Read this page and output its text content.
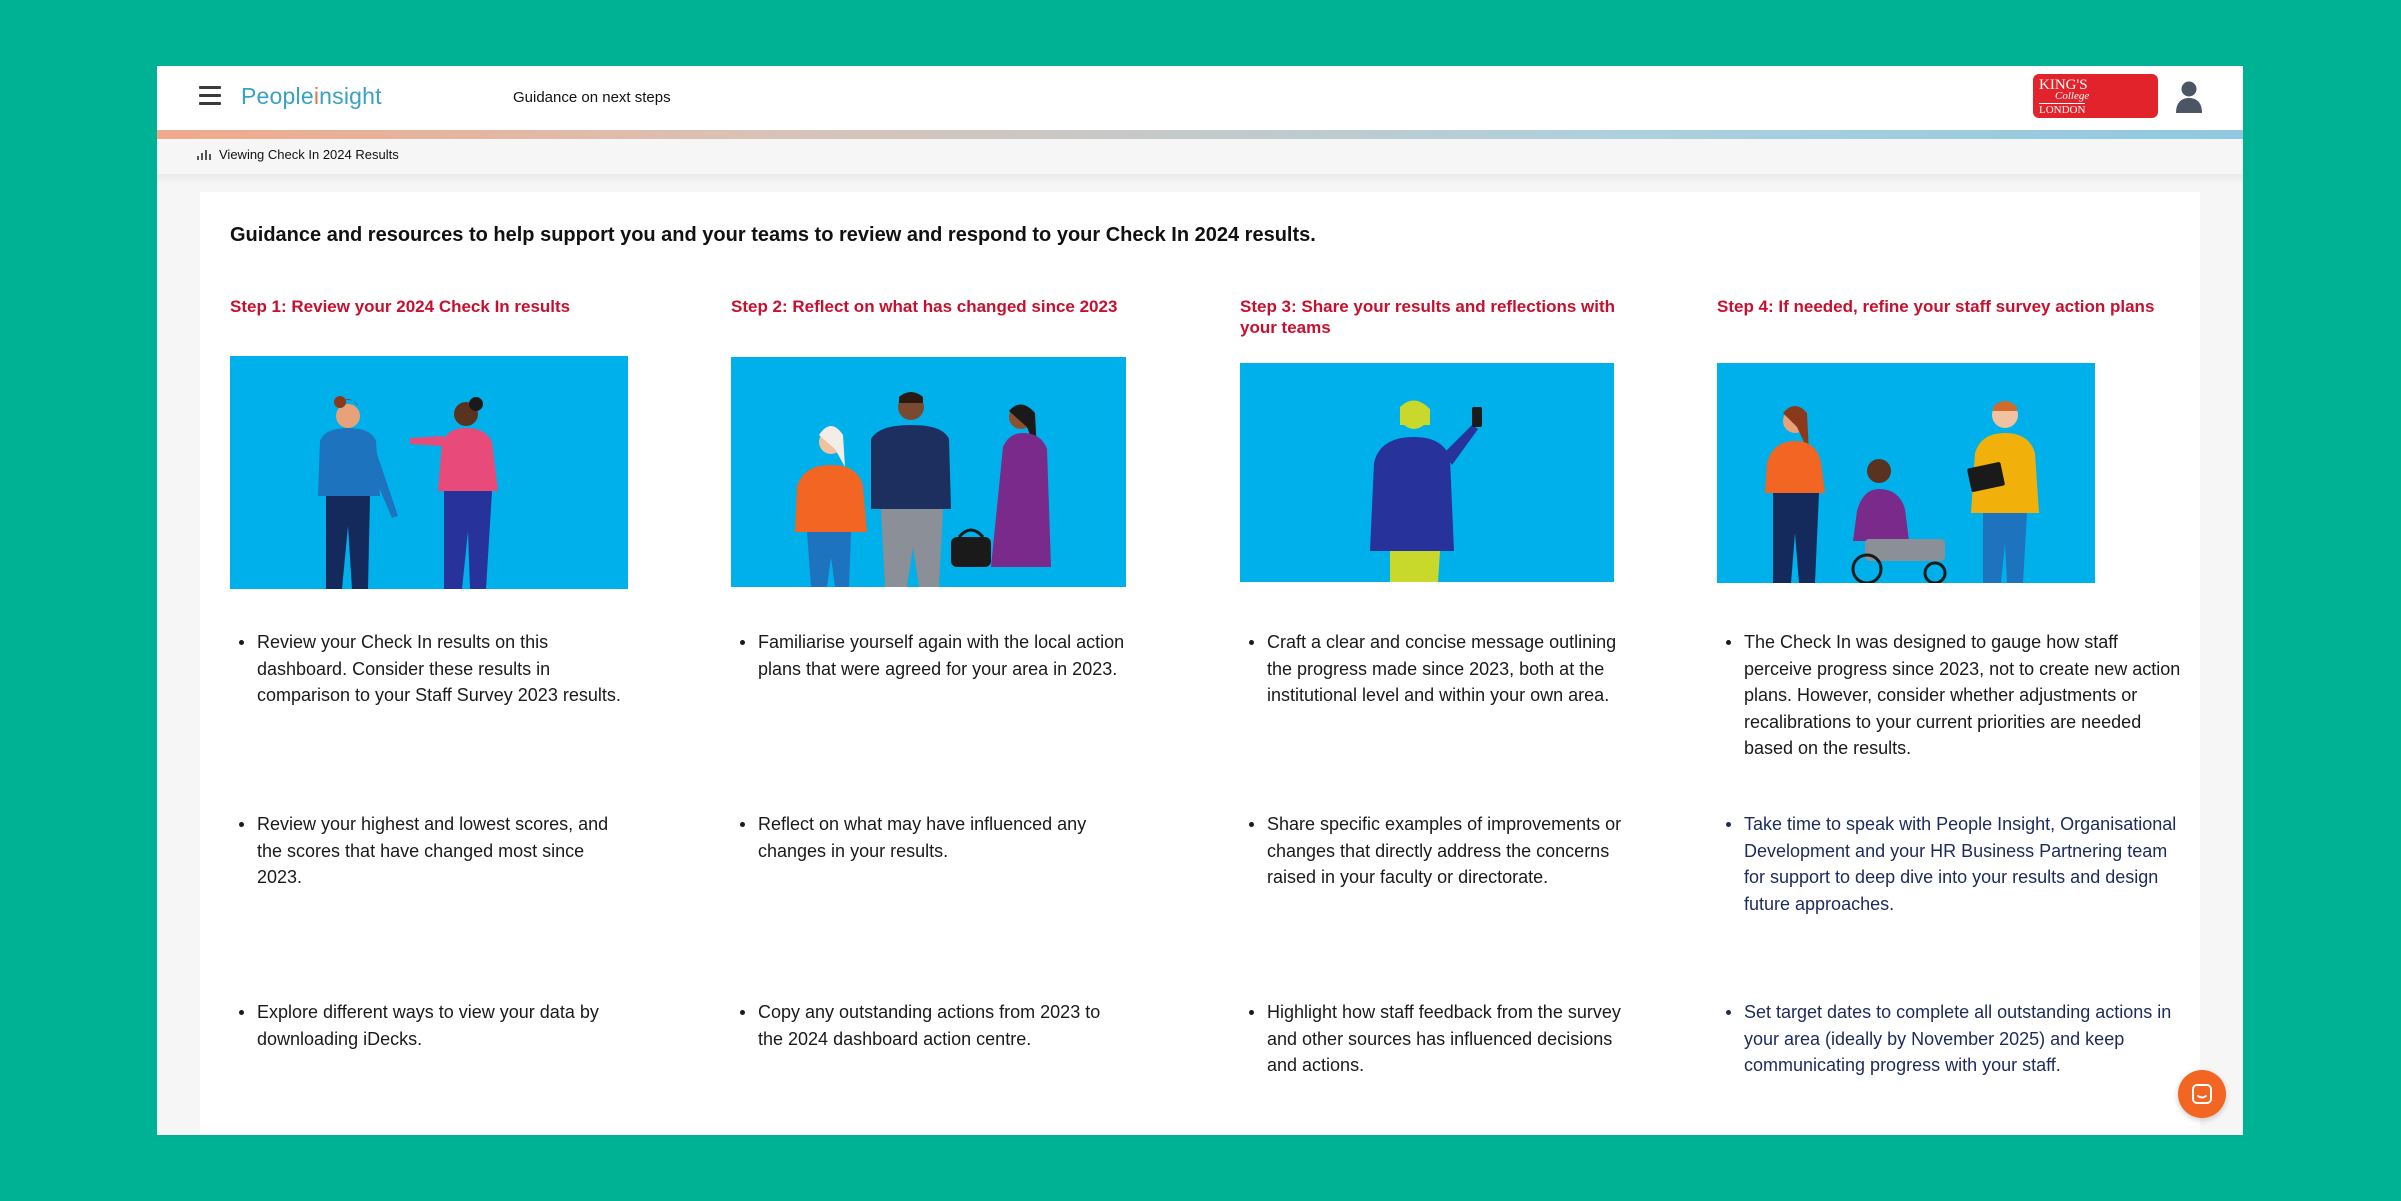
Peopleinsight	Guidance on next steps
KING'S
College
LONDON
Viewing Check In 2024 Results
Guidance and resources to help support you and your teams to review and respond to your Check In 2024 results.
Step 1: Review your 2024 Check In results
Review your Check In results on this dashboard. Consider these results in comparison to your Staff Survey 2023 results.
Review your highest and lowest scores, and the scores that have changed most since 2023.
Explore different ways to view your data by downloading iDecks.
Step 2: Reflect on what has changed since 2023
Familiarise yourself again with the local action plans that were agreed for your area in 2023.
Reflect on what may have influenced any changes in your results.
Copy any outstanding actions from 2023 to the 2024 dashboard action centre.
Step 3: Share your results and reflections with your teams
Craft a clear and concise message outlining the progress made since 2023, both at the institutional level and within your own area.
Share specific examples of improvements or changes that directly address the concerns raised in your faculty or directorate.
Highlight how staff feedback from the survey and other sources has influenced decisions and actions.
Step 4: If needed, refine your staff survey action plans
The Check In was designed to gauge how staff perceive progress since 2023, not to create new action plans. However, consider whether adjustments or recalibrations to your current priorities are needed based on the results.
Take time to speak with People Insight, Organisational Development and your HR Business Partnering team for support to deep dive into your results and design future approaches.
Set target dates to complete all outstanding actions in your area (ideally by November 2025) and keep communicating progress with your staff.
